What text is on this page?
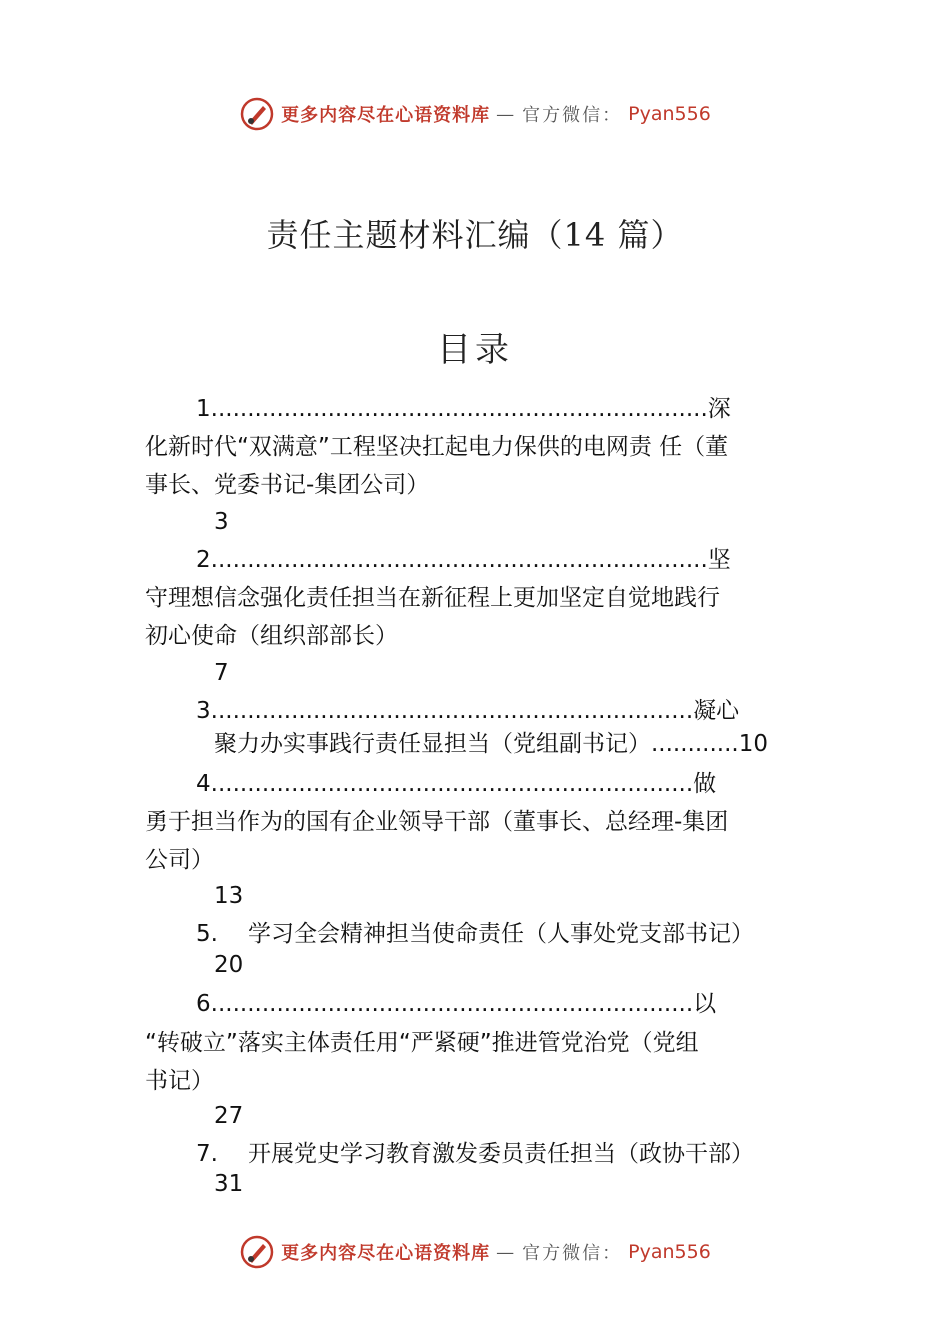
更多内容尽在心语资料库 — 官方微信： Pyan556
责任主题材料汇编（14 篇）
目录
1....................................................................深
化新时代“双满意”工程坚决扛起电力保供的电网责 任（董
事长、党委书记-集团公司）
3
2....................................................................坚
守理想信念强化责任担当在新征程上更加坚定自觉地践行
初心使命（组织部部长）
7
3..................................................................凝心
聚力办实事践行责任显担当（党组副书记）............10
4..................................................................做
勇于担当作为的国有企业领导干部（董事长、总经理-集团
公司）
13
5. 学习全会精神担当使命责任（人事处党支部书记）
20
6..................................................................以
“转破立”落实主体责任用“严紧硬”推进管党治党（党组
书记）
27
7. 开展党史学习教育激发委员责任担当（政协干部）
31
更多内容尽在心语资料库 — 官方微信： Pyan556
